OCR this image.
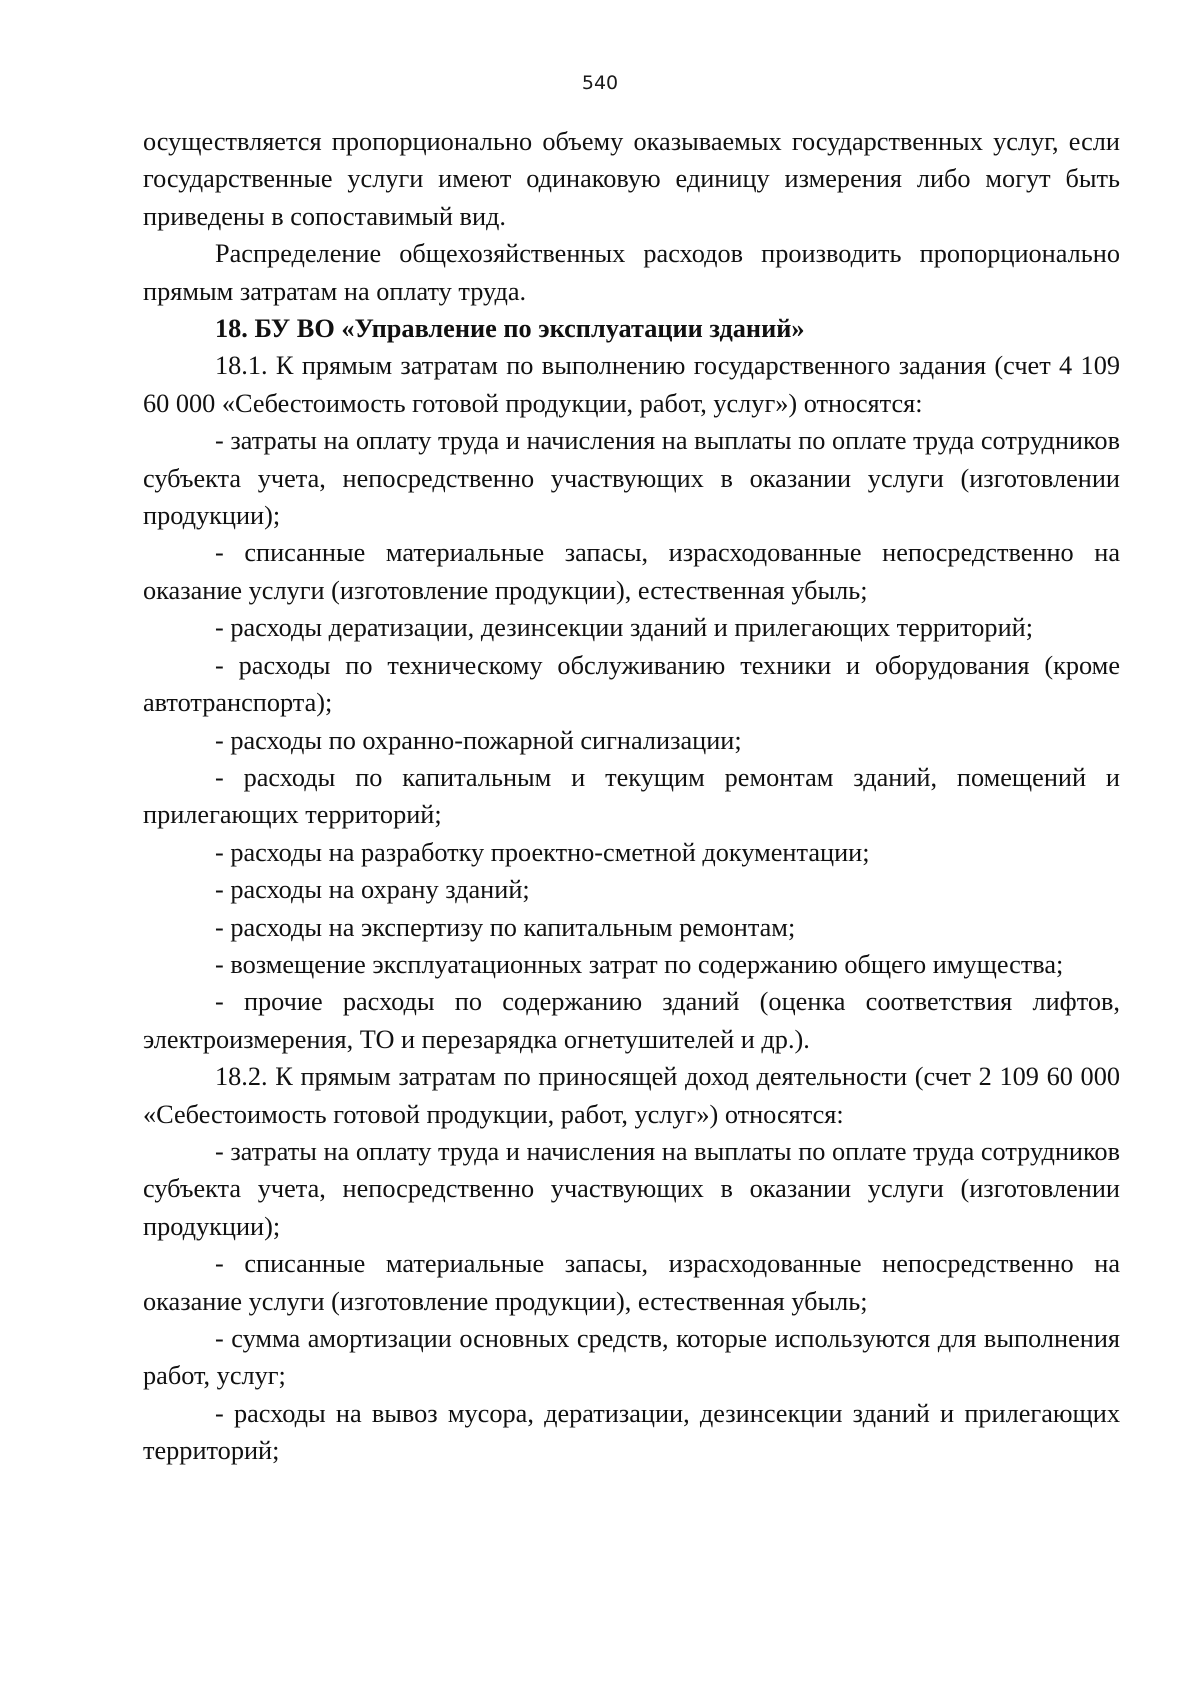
540

осуществляется пропорционально объему оказываемых государственных услуг, если государственные услуги имеют одинаковую единицу измерения либо могут быть приведены в сопоставимый вид.

Распределение общехозяйственных расходов производить пропорционально прямым затратам на оплату труда.

18. БУ ВО «Управление по эксплуатации зданий»

18.1. К прямым затратам по выполнению государственного задания (счет 4 109 60 000 «Себестоимость готовой продукции, работ, услуг») относятся:

- затраты на оплату труда и начисления на выплаты по оплате труда сотрудников субъекта учета, непосредственно участвующих в оказании услуги (изготовлении продукции);

- списанные материальные запасы, израсходованные непосредственно на оказание услуги (изготовление продукции), естественная убыль;

- расходы дератизации, дезинсекции зданий и прилегающих территорий;

- расходы по техническому обслуживанию техники и оборудования (кроме автотранспорта);

- расходы по охранно-пожарной сигнализации;

- расходы по капитальным и текущим ремонтам зданий, помещений и прилегающих территорий;

- расходы на разработку проектно-сметной документации;

- расходы на охрану зданий;

- расходы на экспертизу по капитальным ремонтам;

- возмещение эксплуатационных затрат по содержанию общего имущества;

- прочие расходы по содержанию зданий (оценка соответствия лифтов, электроизмерения, ТО и перезарядка огнетушителей и др.).

18.2. К прямым затратам по приносящей доход деятельности (счет 2 109 60 000 «Себестоимость готовой продукции, работ, услуг») относятся:

- затраты на оплату труда и начисления на выплаты по оплате труда сотрудников субъекта учета, непосредственно участвующих в оказании услуги (изготовлении продукции);

- списанные материальные запасы, израсходованные непосредственно на оказание услуги (изготовление продукции), естественная убыль;

- сумма амортизации основных средств, которые используются для выполнения работ, услуг;

- расходы на вывоз мусора, дератизации, дезинсекции зданий и прилегающих территорий;
